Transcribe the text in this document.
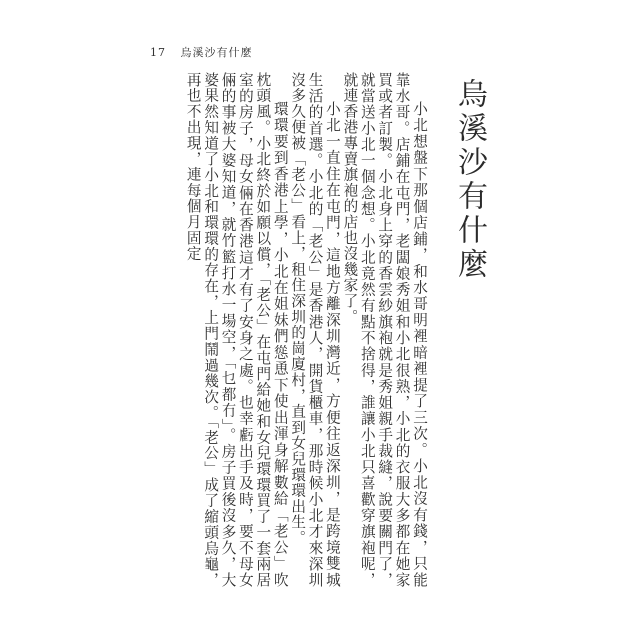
17 烏溪沙有什麼
烏溪沙有什麼

小北想盤下那個店鋪，和水哥明裡暗裡提了三次。小北沒有錢，只能靠水哥。店鋪在屯門，老闆娘秀姐和小北很熟，小北的衣服大多都在她家買或者訂製。小北身上穿的香雲紗旗袍就是秀姐親手裁縫，說要關門了，就當送小北一個念想。小北竟然有點不捨得，誰讓小北只喜歡穿旗袍呢，就連香港專賣旗袍的店也沒幾家了。

小北一直住在屯門，這地方離深圳灣近，方便往返深圳，是跨境雙城生活的首選。小北的「老公」是香港人，開貨櫃車，那時候小北才來深圳沒多久便被「老公」看上，租住深圳的崗廈村，直到女兒環環出生。

環環要到香港上學，小北在姐妹們慫恿下使出渾身解數給「老公」吹枕頭風。小北終於如願以償，「老公」在屯門給她和女兒環環買了一套兩居室的房子，母女倆在香港這才有了安身之處。也幸虧出手及時，要不母女倆的事被大婆知道，就竹籃打水一場空，「乜都冇」。房子買後沒多久，大婆果然知道了小北和環環的存在，上門鬧過幾次。「老公」成了縮頭烏龜，再也不出現，連每個月固定
